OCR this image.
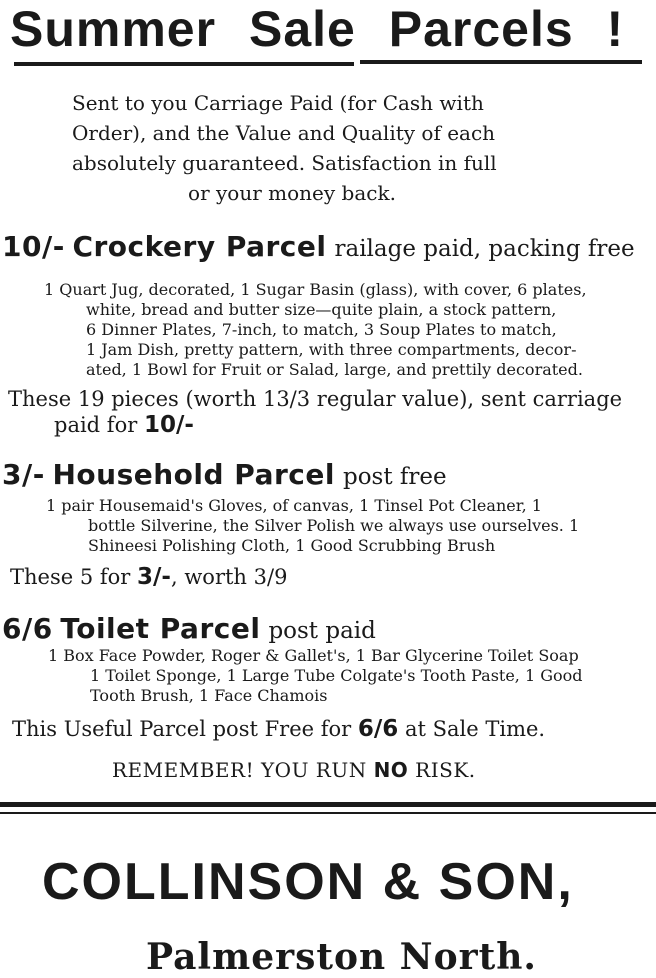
Summer Sale Parcels !
Sent to you Carriage Paid (for Cash with
Order), and the Value and Quality of each
absolutely guaranteed. Satisfaction in full
or your money back.
10/- Crockery Parcel railage paid, packing free
1 Quart Jug, decorated, 1 Sugar Basin (glass), with cover, 6 plates,
white, bread and butter size—quite plain, a stock pattern,
6 Dinner Plates, 7-inch, to match, 3 Soup Plates to match,
1 Jam Dish, pretty pattern, with three compartments, decor-
ated, 1 Bowl for Fruit or Salad, large, and prettily decorated.
These 19 pieces (worth 13/3 regular value), sent carriage
paid for 10/-
3/- Household Parcel post free
1 pair Housemaid's Gloves, of canvas, 1 Tinsel Pot Cleaner, 1
bottle Silverine, the Silver Polish we always use ourselves. 1
Shineesi Polishing Cloth, 1 Good Scrubbing Brush
These 5 for 3/-, worth 3/9
6/6 Toilet Parcel post paid
1 Box Face Powder, Roger & Gallet's, 1 Bar Glycerine Toilet Soap
1 Toilet Sponge, 1 Large Tube Colgate's Tooth Paste, 1 Good
Tooth Brush, 1 Face Chamois
This Useful Parcel post Free for 6/6 at Sale Time.
REMEMBER! YOU RUN NO RISK.
COLLINSON & SON,
Palmerston North.
